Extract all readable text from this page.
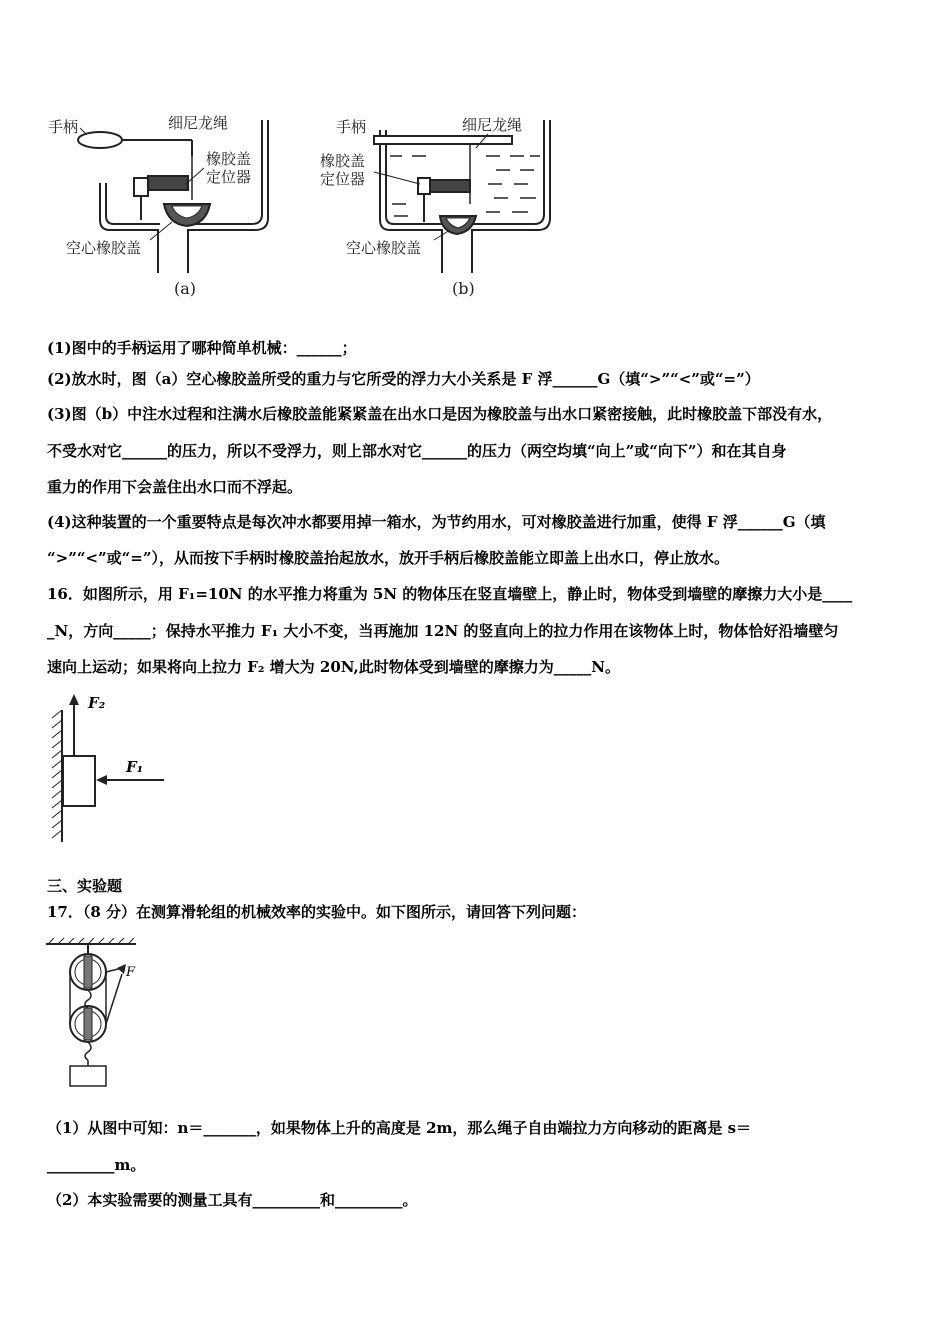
手柄	细尼龙绳
橡胶盖
定位器
空心橡胶盖
(a)
手柄	细尼龙绳
橡胶盖
定位器
空心橡胶盖
(b)
(1)图中的手柄运用了哪种简单机械：______；
(2)放水时，图（a）空心橡胶盖所受的重力与它所受的浮力大小关系是 F 浮______G（填“>”“<”或“=”）
(3)图（b）中注水过程和注满水后橡胶盖能紧紧盖在出水口是因为橡胶盖与出水口紧密接触，此时橡胶盖下部没有水，
不受水对它______的压力，所以不受浮力，则上部水对它______的压力（两空均填“向上”或“向下”）和在其自身
重力的作用下会盖住出水口而不浮起。
(4)这种装置的一个重要特点是每次冲水都要用掉一箱水，为节约用水，可对橡胶盖进行加重，使得 F 浮______G（填
“>”“<”或“=”），从而按下手柄时橡胶盖抬起放水，放开手柄后橡胶盖能立即盖上出水口，停止放水。
16．如图所示，用 F₁=10N 的水平推力将重为 5N 的物体压在竖直墙壁上，静止时，物体受到墙壁的摩擦力大小是____
_N，方向_____；保持水平推力 F₁ 大小不变，当再施加 12N 的竖直向上的拉力作用在该物体上时，物体恰好沿墙壁匀
速向上运动；如果将向上拉力 F₂ 增大为 20N,此时物体受到墙壁的摩擦力为_____N。
F₂
F₁
三、实验题
17．（8 分）在测算滑轮组的机械效率的实验中。如下图所示，请回答下列问题：
F
（1）从图中可知：n＝_______，如果物体上升的高度是 2m，那么绳子自由端拉力方向移动的距离是 s＝
_________m。
（2）本实验需要的测量工具有_________和_________。
